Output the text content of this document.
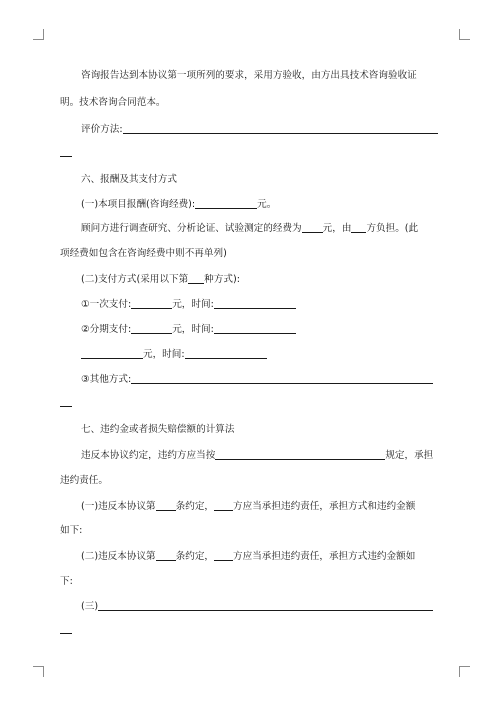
咨询报告达到本协议第一项所列的要求，采用方验收，由方出具技术咨询验收证
明。技术咨询合同范本。
评价方法:
六、报酬及其支付方式
(一)本项目报酬(咨询经费):	元。
顾问方进行调查研究、分析论证、试验测定的经费为 元，由 方负担。(此
项经费如包含在咨询经费中则不再单列)
(二)支付方式(采用以下第 种方式):
①一次支付:	元，时间:
②分期支付:	元，时间:
元，时间:
③其他方式:
七、违约金或者损失赔偿额的计算法
违反本协议约定，违约方应当按	规定，承担
违约责任。
(一)违反本协议第 条约定， 方应当承担违约责任，承担方式和违约金额
如下:
(二)违反本协议第 条约定， 方应当承担违约责任，承担方式违约金额如
下:
(三)
